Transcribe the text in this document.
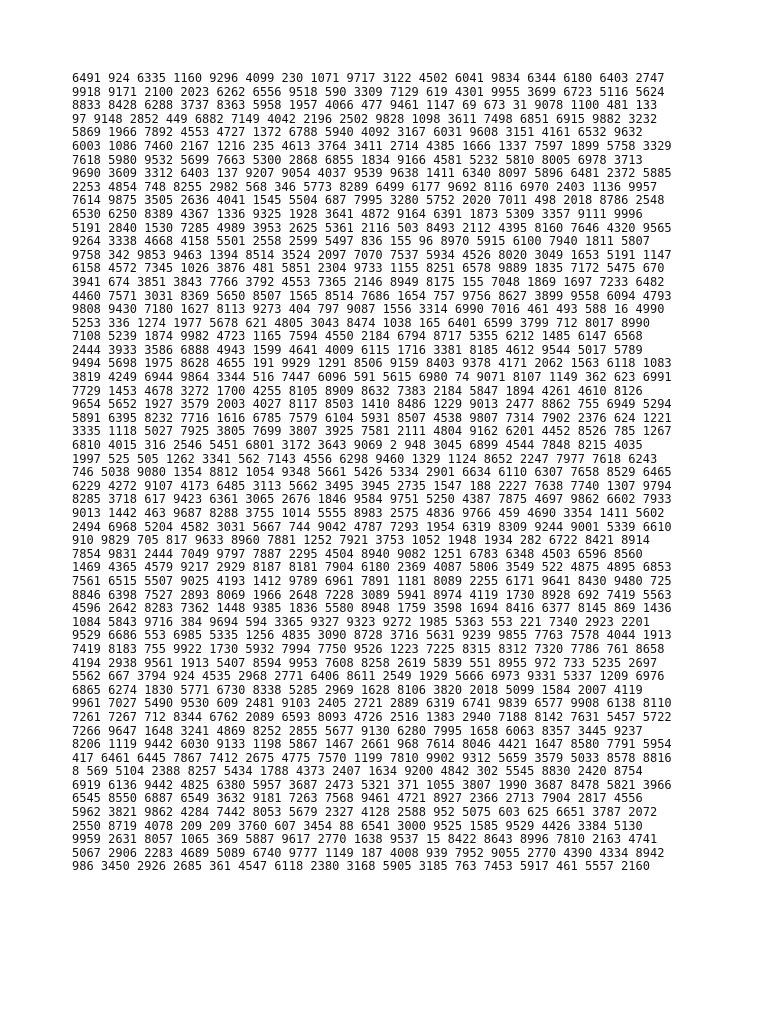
6491 924 6335 1160 9296 4099 230 1071 9717 3122 4502 6041 9834 6344 6180 6403 2747
9918 9171 2100 2023 6262 6556 9518 590 3309 7129 619 4301 9955 3699 6723 5116 5624
8833 8428 6288 3737 8363 5958 1957 4066 477 9461 1147 69 673 31 9078 1100 481 133
97 9148 2852 449 6882 7149 4042 2196 2502 9828 1098 3611 7498 6851 6915 9882 3232
5869 1966 7892 4553 4727 1372 6788 5940 4092 3167 6031 9608 3151 4161 6532 9632
6003 1086 7460 2167 1216 235 4613 3764 3411 2714 4385 1666 1337 7597 1899 5758 3329
7618 5980 9532 5699 7663 5300 2868 6855 1834 9166 4581 5232 5810 8005 6978 3713
9690 3609 3312 6403 137 9207 9054 4037 9539 9638 1411 6340 8097 5896 6481 2372 5885
2253 4854 748 8255 2982 568 346 5773 8289 6499 6177 9692 8116 6970 2403 1136 9957
7614 9875 3505 2636 4041 1545 5504 687 7995 3280 5752 2020 7011 498 2018 8786 2548
6530 6250 8389 4367 1336 9325 1928 3641 4872 9164 6391 1873 5309 3357 9111 9996
5191 2840 1530 7285 4989 3953 2625 5361 2116 503 8493 2112 4395 8160 7646 4320 9565
9264 3338 4668 4158 5501 2558 2599 5497 836 155 96 8970 5915 6100 7940 1811 5807
9758 342 9853 9463 1394 8514 3524 2097 7070 7537 5934 4526 8020 3049 1653 5191 1147
6158 4572 7345 1026 3876 481 5851 2304 9733 1155 8251 6578 9889 1835 7172 5475 670
3941 674 3851 3843 7766 3792 4553 7365 2146 8949 8175 155 7048 1869 1697 7233 6482
4460 7571 3031 8369 5650 8507 1565 8514 7686 1654 757 9756 8627 3899 9558 6094 4793
9808 9430 7180 1627 8113 9273 404 797 9087 1556 3314 6990 7016 461 493 588 16 4990
5253 336 1274 1977 5678 621 4805 3043 8474 1038 165 6401 6599 3799 712 8017 8990
7108 5239 1874 9982 4723 1165 7594 4550 2184 6794 8717 5355 6212 1485 6147 6568
2444 3933 3586 6888 4943 1599 4641 4009 6115 1716 3381 8185 4612 9544 5017 5789
9494 5698 1975 8628 4655 191 9929 1291 8506 9159 8403 9378 4171 2062 1563 6118 1083
3819 4249 6944 9864 3344 516 7447 6096 591 5615 6980 74 9071 8107 1149 362 623 6991
7729 1453 4678 3272 1700 4255 8105 8909 8632 7383 2184 5847 1894 4261 4610 8126
9654 5652 1927 3579 2003 4027 8117 8503 1410 8486 1229 9013 2477 8862 755 6949 5294
5891 6395 8232 7716 1616 6785 7579 6104 5931 8507 4538 9807 7314 7902 2376 624 1221
3335 1118 5027 7925 3805 7699 3807 3925 7581 2111 4804 9162 6201 4452 8526 785 1267
6810 4015 316 2546 5451 6801 3172 3643 9069 2 948 3045 6899 4544 7848 8215 4035
1997 525 505 1262 3341 562 7143 4556 6298 9460 1329 1124 8652 2247 7977 7618 6243
746 5038 9080 1354 8812 1054 9348 5661 5426 5334 2901 6634 6110 6307 7658 8529 6465
6229 4272 9107 4173 6485 3113 5662 3495 3945 2735 1547 188 2227 7638 7740 1307 9794
8285 3718 617 9423 6361 3065 2676 1846 9584 9751 5250 4387 7875 4697 9862 6602 7933
9013 1442 463 9687 8288 3755 1014 5555 8983 2575 4836 9766 459 4690 3354 1411 5602
2494 6968 5204 4582 3031 5667 744 9042 4787 7293 1954 6319 8309 9244 9001 5339 6610
910 9829 705 817 9633 8960 7881 1252 7921 3753 1052 1948 1934 282 6722 8421 8914
7854 9831 2444 7049 9797 7887 2295 4504 8940 9082 1251 6783 6348 4503 6596 8560
1469 4365 4579 9217 2929 8187 8181 7904 6180 2369 4087 5806 3549 522 4875 4895 6853
7561 6515 5507 9025 4193 1412 9789 6961 7891 1181 8089 2255 6171 9641 8430 9480 725
8846 6398 7527 2893 8069 1966 2648 7228 3089 5941 8974 4119 1730 8928 692 7419 5563
4596 2642 8283 7362 1448 9385 1836 5580 8948 1759 3598 1694 8416 6377 8145 869 1436
1084 5843 9716 384 9694 594 3365 9327 9323 9272 1985 5363 553 221 7340 2923 2201
9529 6686 553 6985 5335 1256 4835 3090 8728 3716 5631 9239 9855 7763 7578 4044 1913
7419 8183 755 9922 1730 5932 7994 7750 9526 1223 7225 8315 8312 7320 7786 761 8658
4194 2938 9561 1913 5407 8594 9953 7608 8258 2619 5839 551 8955 972 733 5235 2697
5562 667 3794 924 4535 2968 2771 6406 8611 2549 1929 5666 6973 9331 5337 1209 6976
6865 6274 1830 5771 6730 8338 5285 2969 1628 8106 3820 2018 5099 1584 2007 4119
9961 7027 5490 9530 609 2481 9103 2405 2721 2889 6319 6741 9839 6577 9908 6138 8110
7261 7267 712 8344 6762 2089 6593 8093 4726 2516 1383 2940 7188 8142 7631 5457 5722
7266 9647 1648 3241 4869 8252 2855 5677 9130 6280 7995 1658 6063 8357 3445 9237
8206 1119 9442 6030 9133 1198 5867 1467 2661 968 7614 8046 4421 1647 8580 7791 5954
417 6461 6445 7867 7412 2675 4775 7570 1199 7810 9902 9312 5659 3579 5033 8578 8816
8 569 5104 2388 8257 5434 1788 4373 2407 1634 9200 4842 302 5545 8830 2420 8754
6919 6136 9442 4825 6380 5957 3687 2473 5321 371 1055 3807 1990 3687 8478 5821 3966
6545 8550 6887 6549 3632 9181 7263 7568 9461 4721 8927 2366 2713 7904 2817 4556
5962 3821 9862 4284 7442 8053 5679 2327 4128 2588 952 5075 603 625 6651 3787 2072
2550 8719 4078 209 209 3760 607 3454 88 6541 3000 9525 1585 9529 4426 3384 5130
9959 2631 8057 1065 369 5887 9617 2770 1638 9537 15 8422 8643 8996 7810 2163 4741
5067 2906 2283 4689 5089 6740 9777 1149 187 4008 939 7952 9055 2770 4390 4334 8942
986 3450 2926 2685 361 4547 6118 2380 3168 5905 3185 763 7453 5917 461 5557 2160
